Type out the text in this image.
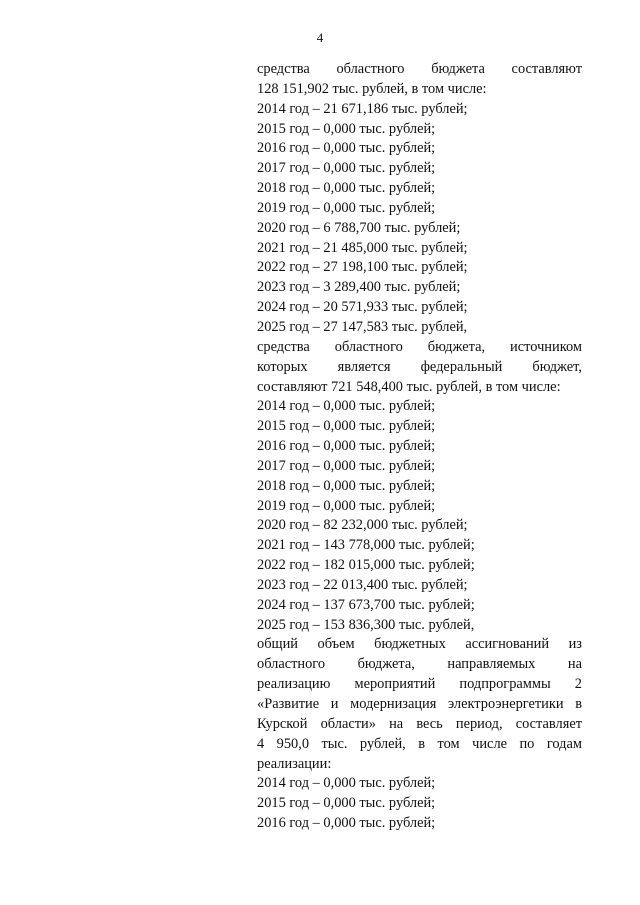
4

средства областного бюджета составляют

128 151,902 тыс. рублей, в том числе:

2014 год – 21 671,186 тыс. рублей;

2015 год – 0,000 тыс. рублей;

2016 год – 0,000 тыс. рублей;

2017 год – 0,000 тыс. рублей;

2018 год – 0,000 тыс. рублей;

2019 год – 0,000 тыс. рублей;

2020 год – 6 788,700 тыс. рублей;

2021 год – 21 485,000 тыс. рублей;

2022 год – 27 198,100 тыс. рублей;

2023 год – 3 289,400 тыс. рублей;

2024 год – 20 571,933 тыс. рублей;

2025 год – 27 147,583 тыс. рублей,

средства областного бюджета, источником

которых является федеральный бюджет,

составляют 721 548,400 тыс. рублей, в том числе:

2014 год – 0,000 тыс. рублей;

2015 год – 0,000 тыс. рублей;

2016 год – 0,000 тыс. рублей;

2017 год – 0,000 тыс. рублей;

2018 год – 0,000 тыс. рублей;

2019 год – 0,000 тыс. рублей;

2020 год – 82 232,000 тыс. рублей;

2021 год – 143 778,000 тыс. рублей;

2022 год – 182 015,000 тыс. рублей;

2023 год – 22 013,400 тыс. рублей;

2024 год – 137 673,700 тыс. рублей;

2025 год – 153 836,300 тыс. рублей,

общий объем бюджетных ассигнований из

областного бюджета, направляемых на

реализацию мероприятий подпрограммы 2

«Развитие и модернизация электроэнергетики в

Курской области» на весь период, составляет

4 950,0 тыс. рублей, в том числе по годам

реализации:

2014 год – 0,000 тыс. рублей;

2015 год – 0,000 тыс. рублей;

2016 год – 0,000 тыс. рублей;
